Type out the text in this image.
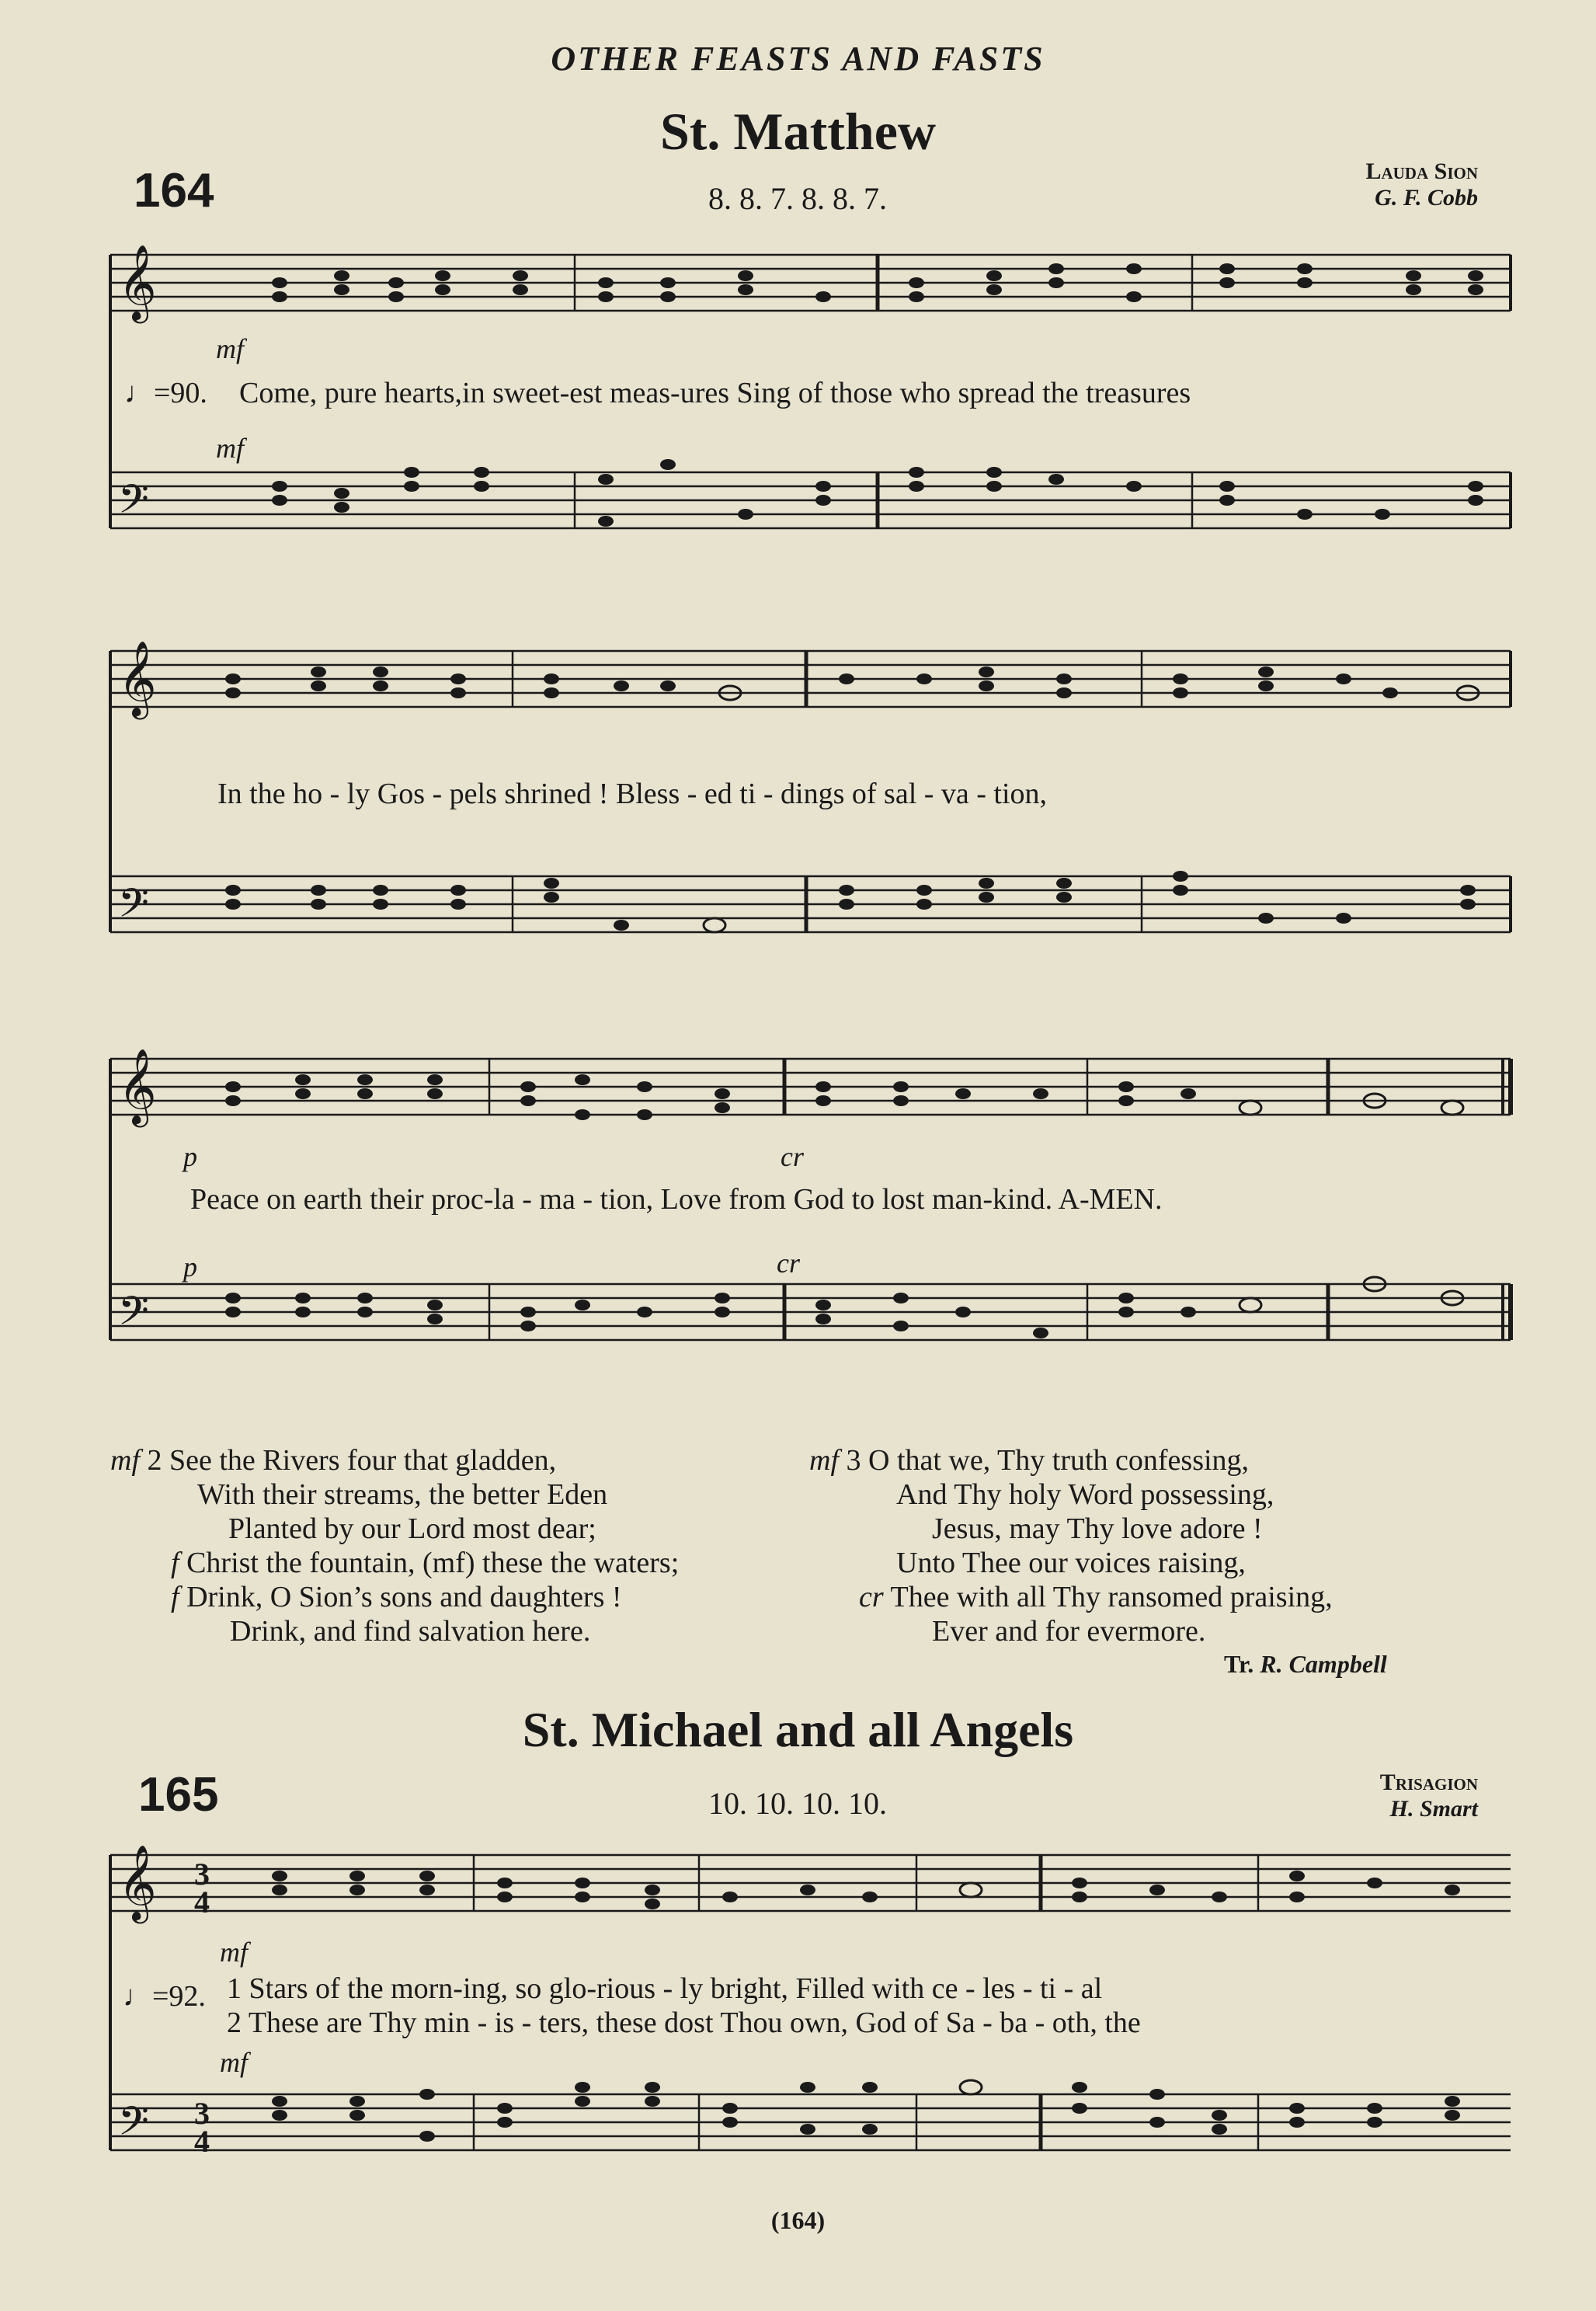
OTHER FEASTS AND FASTS
St. Matthew
164	8. 8. 7. 8. 8. 7.
Lauda Sion
G. F. Cobb
𝄞
𝄢
mf
mf
♩=90. Come, pure hearts,in sweet-est meas-ures Sing of those who spread the treasures
𝄞
𝄢
In the ho - ly Gos - pels shrined ! Bless - ed ti - dings of sal - va - tion,
𝄞
𝄢
p	cr
p	cr
Peace on earth their proc-la - ma - tion, Love from God to lost man-kind. A-MEN.
mf 2 See the Rivers four that gladden,
With their streams, the better Eden
Planted by our Lord most dear;
f Christ the fountain, (mf) these the waters;
f Drink, O Sion’s sons and daughters !
Drink, and find salvation here.
mf 3 O that we, Thy truth confessing,
And Thy holy Word possessing,
Jesus, may Thy love adore !
Unto Thee our voices raising,
cr Thee with all Thy ransomed praising,
Ever and for evermore.
Tr. R. Campbell
St. Michael and all Angels
165	10. 10. 10. 10.
Trisagion
H. Smart
𝄞
𝄢
3
4
3
4
mf
mf
♩=92. 1 Stars of the morn-ing, so glo-rious - ly bright, Filled with ce - les - ti - al
2 These are Thy min - is - ters, these dost Thou own, God of Sa - ba - oth, the
(164)
